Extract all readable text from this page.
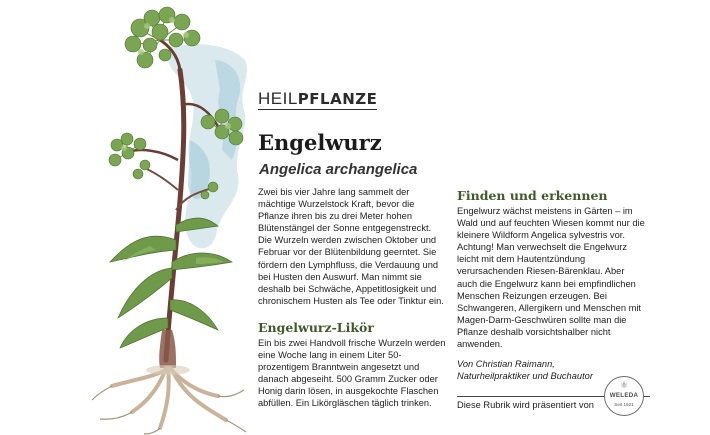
HEILPFLANZE
Engelwurz
Angelica archangelica

Zwei bis vier Jahre lang sammelt der mächtige Wurzelstock Kraft, bevor die Pflanze ihren bis zu drei Meter hohen Blütenstängel der Sonne entgegenstreckt. Die Wurzeln werden zwischen Oktober und Februar vor der Blütenbildung geerntet. Sie fördern den Lymphfluss, die Verdauung und bei Husten den Auswurf. Man nimmt sie deshalb bei Schwäche, Appetitlosigkeit und chronischem Husten als Tee oder Tinktur ein.

Engelwurz-Likör

Ein bis zwei Handvoll frische Wurzeln werden eine Woche lang in einem Liter 50-prozentigem Branntwein angesetzt und danach abgeseiht. 500 Gramm Zucker oder Honig darin lösen, in ausgekochte Flaschen abfüllen. Ein Likörgläschen täglich trinken.

Finden und erkennen

Engelwurz wächst meistens in Gärten – im Wald und auf feuchten Wiesen kommt nur die kleinere Wildform Angelica sylvestris vor. Achtung! Man verwechselt die Engelwurz leicht mit dem Hautentzündung verursachenden Riesen-Bärenklau. Aber auch die Engelwurz kann bei empfindlichen Menschen Reizungen erzeugen. Bei Schwangeren, Allergikern und Menschen mit Magen-Darm-Geschwüren sollte man die Pflanze deshalb vorsichtshalber nicht anwenden.

Von Christian Raimann,
Naturheilpraktiker und Buchautor

Diese Rubrik wird präsentiert von
⚛
WELEDA
Seit 1921
